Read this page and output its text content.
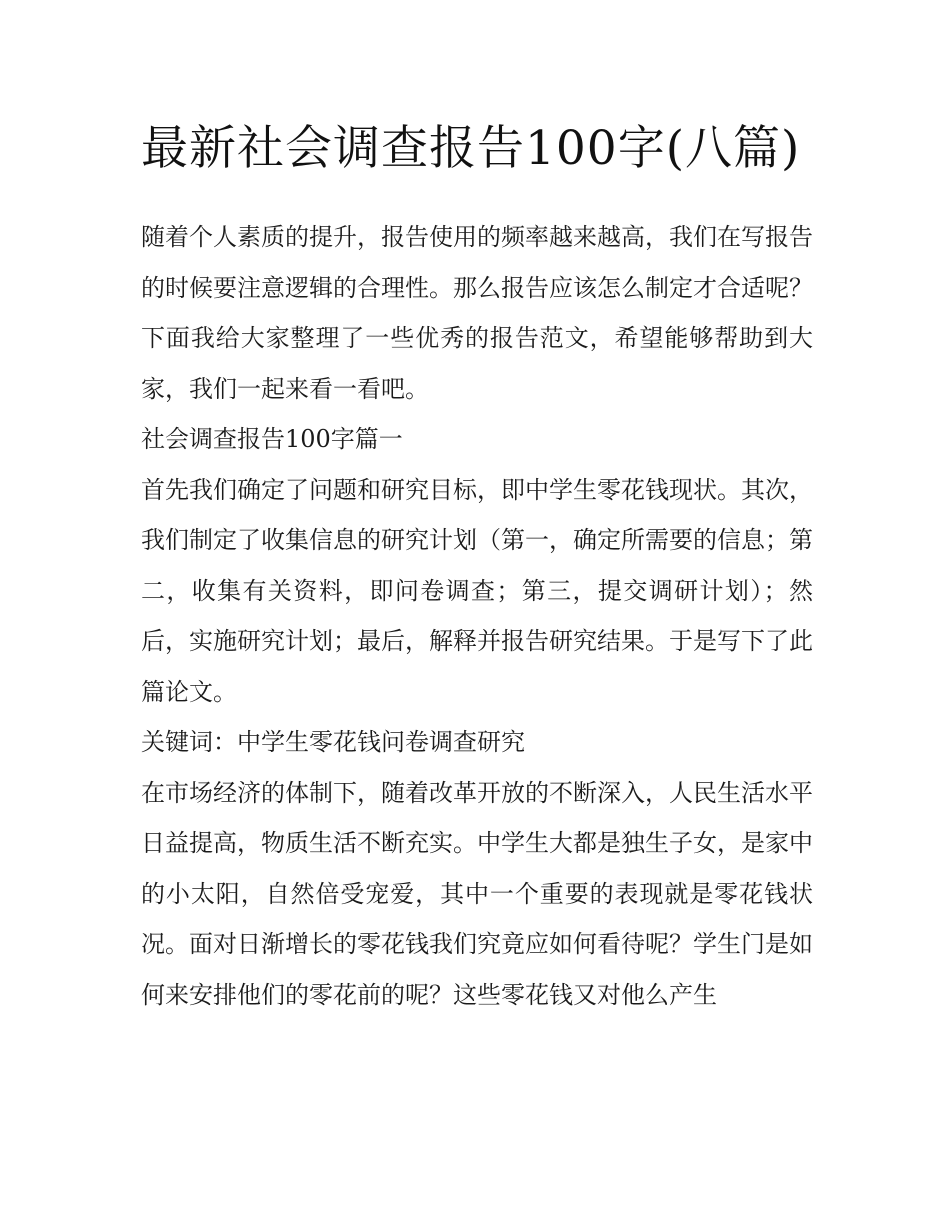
最新社会调查报告100字(八篇)

随着个人素质的提升，报告使用的频率越来越高，我们在写报告的时候要注意逻辑的合理性。那么报告应该怎么制定才合适呢？下面我给大家整理了一些优秀的报告范文，希望能够帮助到大家，我们一起来看一看吧。

社会调查报告100字篇一

首先我们确定了问题和研究目标，即中学生零花钱现状。其次，我们制定了收集信息的研究计划（第一，确定所需要的信息；第二，收集有关资料，即问卷调查；第三，提交调研计划）；然后，实施研究计划；最后，解释并报告研究结果。于是写下了此篇论文。

关键词：中学生零花钱问卷调查研究

在市场经济的体制下，随着改革开放的不断深入，人民生活水平日益提高，物质生活不断充实。中学生大都是独生子女，是家中的小太阳，自然倍受宠爱，其中一个重要的表现就是零花钱状况。面对日渐增长的零花钱我们究竟应如何看待呢？学生门是如何来安排他们的零花前的呢？这些零花钱又对他么产生
